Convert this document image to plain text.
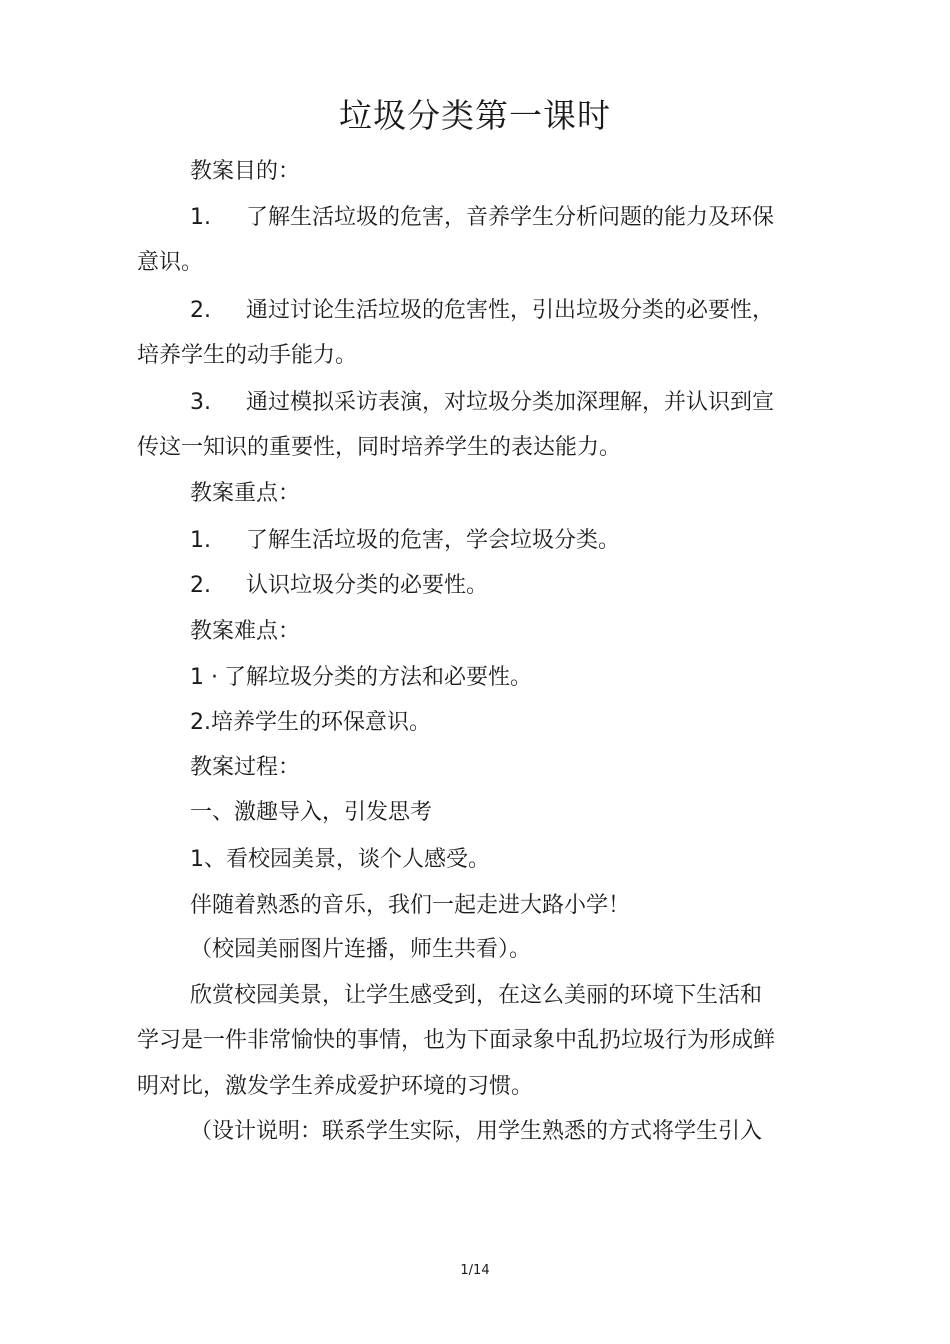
垃圾分类第一课时
教案目的：
1. 了解生活垃圾的危害，音养学生分析问题的能力及环保
意识。
2. 通过讨论生活垃圾的危害性，引出垃圾分类的必要性，
培养学生的动手能力。
3. 通过模拟采访表演，对垃圾分类加深理解，并认识到宣
传这一知识的重要性，同时培养学生的表达能力。
教案重点：
1. 了解生活垃圾的危害，学会垃圾分类。
2. 认识垃圾分类的必要性。
教案难点：
1 · 了解垃圾分类的方法和必要性。
2.培养学生的环保意识。
教案过程：
一、激趣导入，引发思考
1、看校园美景，谈个人感受。
伴随着熟悉的音乐，我们一起走进大路小学！
（校园美丽图片连播，师生共看）。
欣赏校园美景，让学生感受到，在这么美丽的环境下生活和
学习是一件非常愉快的事情，也为下面录象中乱扔垃圾行为形成鲜
明对比，激发学生养成爱护环境的习惯。
（设计说明：联系学生实际，用学生熟悉的方式将学生引入
1/14
